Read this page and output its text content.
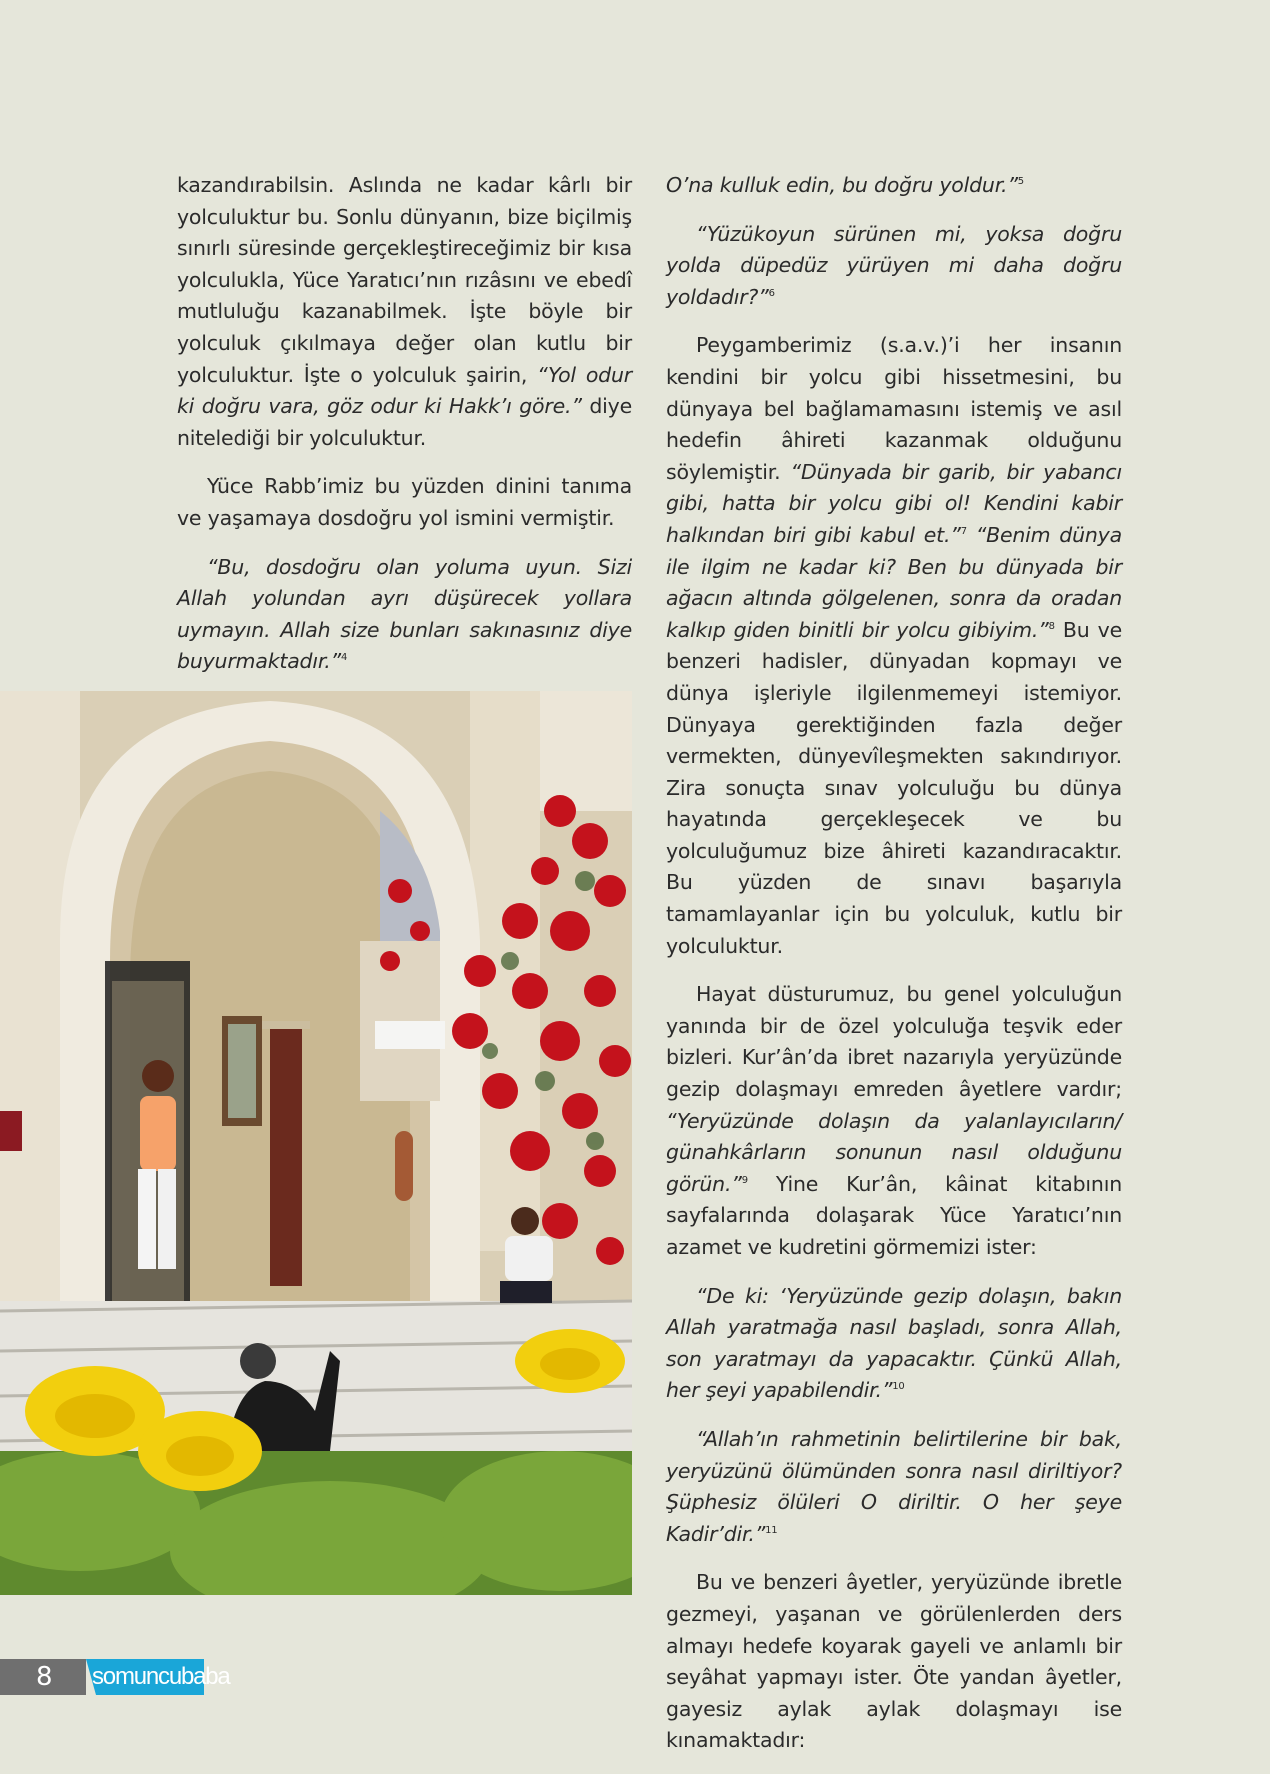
kazandırabilsin. Aslında ne kadar kârlı bir yolculuktur bu. Sonlu dünyanın, bize biçilmiş sınırlı süresinde gerçekleştireceğimiz bir kısa yolculukla, Yüce Yaratıcı’nın rızâsını ve ebedî mutluluğu kazanabilmek. İşte böyle bir yolculuk çıkılmaya değer olan kutlu bir yolculuktur. İşte o yolculuk şairin, “Yol odur ki doğru vara, göz odur ki Hakk’ı göre.” diye nitelediği bir yolculuktur.

Yüce Rabb’imiz bu yüzden dinini tanıma ve yaşamaya dosdoğru yol ismini vermiştir.

“Bu, dosdoğru olan yoluma uyun. Sizi Allah yolundan ayrı düşürecek yollara uymayın. Allah size bunları sakınasınız diye buyurmaktadır.”$^4$

O’na kulluk edin, bu doğru yoldur.”$^5$

“Yüzükoyun sürünen mi, yoksa doğru yolda düpedüz yürüyen mi daha doğru yoldadır?”$^6$

Peygamberimiz (s.a.v.)’i her insanın kendini bir yolcu gibi hissetmesini, bu dünyaya bel bağlamamasını istemiş ve asıl hedefin âhireti kazanmak olduğunu söylemiştir. “Dünyada bir garib, bir yabancı gibi, hatta bir yolcu gibi ol! Kendini kabir halkından biri gibi kabul et.”$^7$ “Benim dünya ile ilgim ne kadar ki? Ben bu dünyada bir ağacın altında gölgelenen, sonra da oradan kalkıp giden binitli bir yolcu gibiyim.”$^8$ Bu ve benzeri hadisler, dünyadan kopmayı ve dünya işleriyle ilgilenmemeyi istemiyor. Dünyaya gerektiğinden fazla değer vermekten, dünyevîleşmekten sakındırıyor. Zira sonuçta sınav yolculuğu bu dünya hayatında gerçekleşecek ve bu yolculuğumuz bize âhireti kazandıracaktır. Bu yüzden de sınavı başarıyla tamamlayanlar için bu yolculuk, kutlu bir yolculuktur.

Hayat düsturumuz, bu genel yolculuğun yanında bir de özel yolculuğa teşvik eder bizleri. Kur’ân’da ibret nazarıyla yeryüzünde gezip dolaşmayı emreden âyetlere vardır; “Yeryüzünde dolaşın da yalanlayıcıların/ günahkârların sonunun nasıl olduğunu görün.”$^9$ Yine Kur’ân, kâinat kitabının sayfalarında dolaşarak Yüce Yaratıcı’nın azamet ve kudretini görmemizi ister:

“De ki: ‘Yeryüzünde gezip dolaşın, bakın Allah yaratmağa nasıl başladı, sonra Allah, son yaratmayı da yapacaktır. Çünkü Allah, her şeyi yapabilendir.”$^{10}$

“Allah’ın rahmetinin belirtilerine bir bak, yeryüzünü ölümünden sonra nasıl diriltiyor? Şüphesiz ölüleri O diriltir. O her şeye Kadir’dir.”$^{11}$

Bu ve benzeri âyetler, yeryüzünde ibretle gezmeyi, yaşanan ve görülenlerden ders almayı hedefe koyarak gayeli ve anlamlı bir seyâhat yapmayı ister. Öte yandan âyetler, gayesiz aylak aylak dolaşmayı ise kınamaktadır:

8 somuncubaba
